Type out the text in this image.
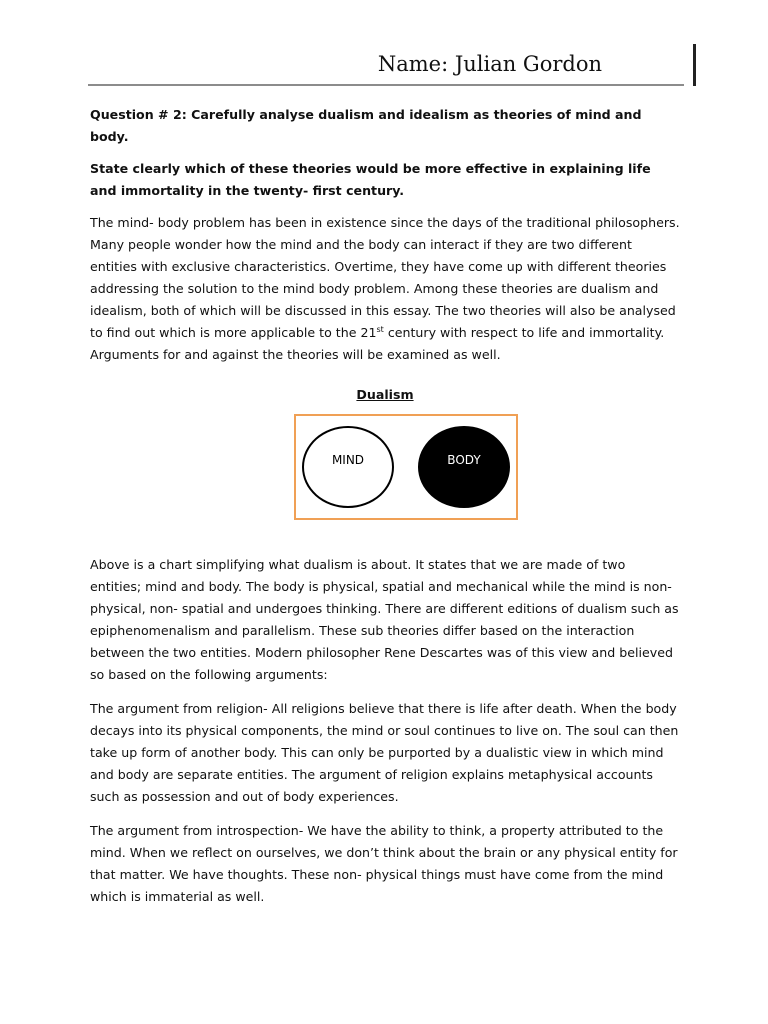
Name: Julian Gordon

Question # 2: Carefully analyse dualism and idealism as theories of mind and body.

State clearly which of these theories would be more effective in explaining life and immortality in the twenty- first century.

The mind- body problem has been in existence since the days of the traditional philosophers. Many people wonder how the mind and the body can interact if they are two different entities with exclusive characteristics. Overtime, they have come up with different theories addressing the solution to the mind body problem. Among these theories are dualism and idealism, both of which will be discussed in this essay. The two theories will also be analysed to find out which is more applicable to the 21st century with respect to life and immortality. Arguments for and against the theories will be examined as well.

Dualism
MIND	BODY

Above is a chart simplifying what dualism is about. It states that we are made of two entities; mind and body. The body is physical, spatial and mechanical while the mind is non- physical, non- spatial and undergoes thinking. There are different editions of dualism such as epiphenomenalism and parallelism. These sub theories differ based on the interaction between the two entities. Modern philosopher Rene Descartes was of this view and believed so based on the following arguments:

The argument from religion- All religions believe that there is life after death. When the body decays into its physical components, the mind or soul continues to live on. The soul can then take up form of another body. This can only be purported by a dualistic view in which mind and body are separate entities. The argument of religion explains metaphysical accounts such as possession and out of body experiences.

The argument from introspection- We have the ability to think, a property attributed to the mind. When we reflect on ourselves, we don’t think about the brain or any physical entity for that matter. We have thoughts. These non- physical things must have come from the mind which is immaterial as well.
